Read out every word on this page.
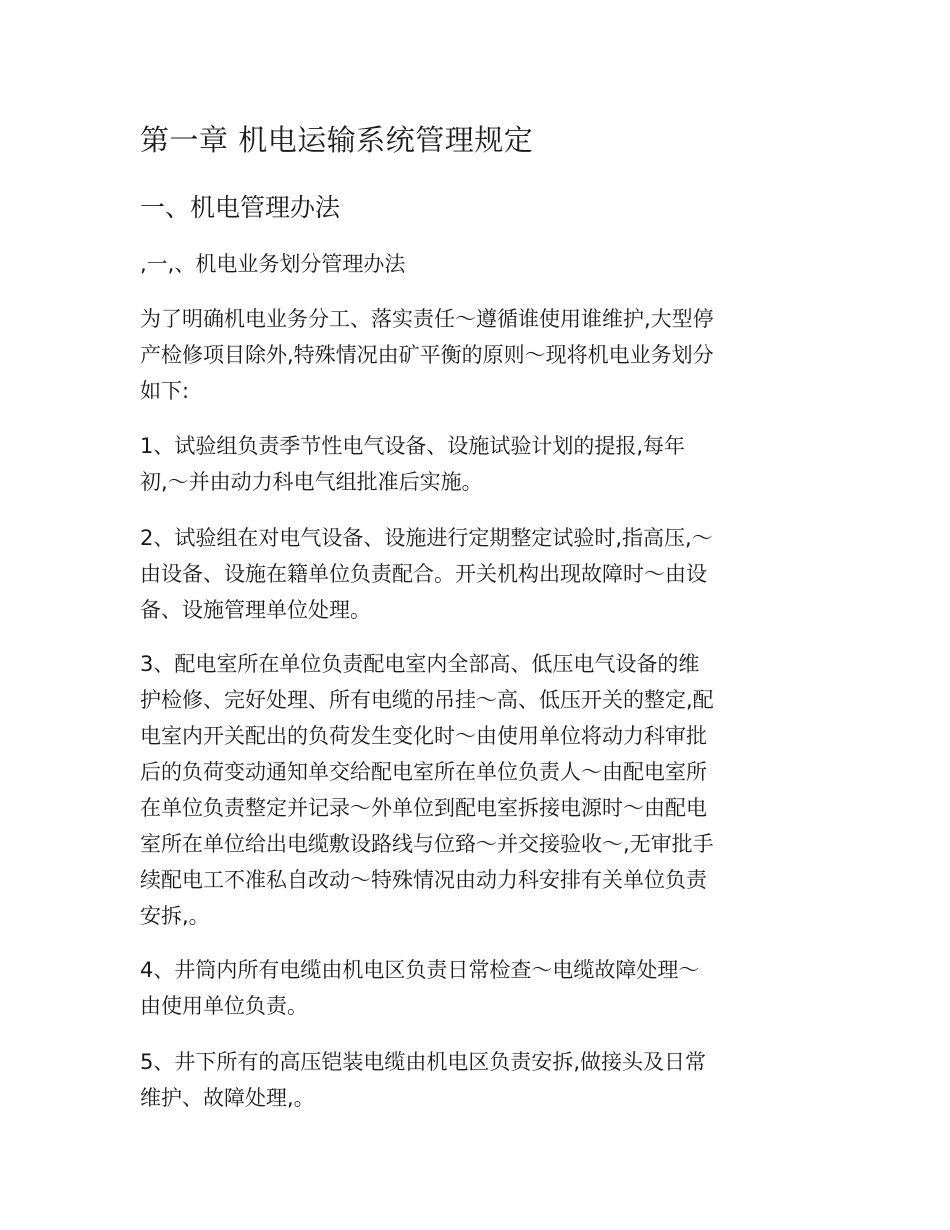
第一章 机电运输系统管理规定
一、机电管理办法
,一,、机电业务划分管理办法

为了明确机电业务分工、落实责任～遵循谁使用谁维护,大型停
产检修项目除外,特殊情况由矿平衡的原则～现将机电业务划分
如下:

1、试验组负责季节性电气设备、设施试验计划的提报,每年
初,～并由动力科电气组批准后实施。

2、试验组在对电气设备、设施进行定期整定试验时,指高压,～
由设备、设施在籍单位负责配合。开关机构出现故障时～由设
备、设施管理单位处理。

3、配电室所在单位负责配电室内全部高、低压电气设备的维
护检修、完好处理、所有电缆的吊挂～高、低压开关的整定,配
电室内开关配出的负荷发生变化时～由使用单位将动力科审批
后的负荷变动通知单交给配电室所在单位负责人～由配电室所
在单位负责整定并记录～外单位到配电室拆接电源时～由配电
室所在单位给出电缆敷设路线与位臵～并交接验收～,无审批手
续配电工不准私自改动～特殊情况由动力科安排有关单位负责
安拆,。

4、井筒内所有电缆由机电区负责日常检查～电缆故障处理～
由使用单位负责。

5、井下所有的高压铠装电缆由机电区负责安拆,做接头及日常
维护、故障处理,。
